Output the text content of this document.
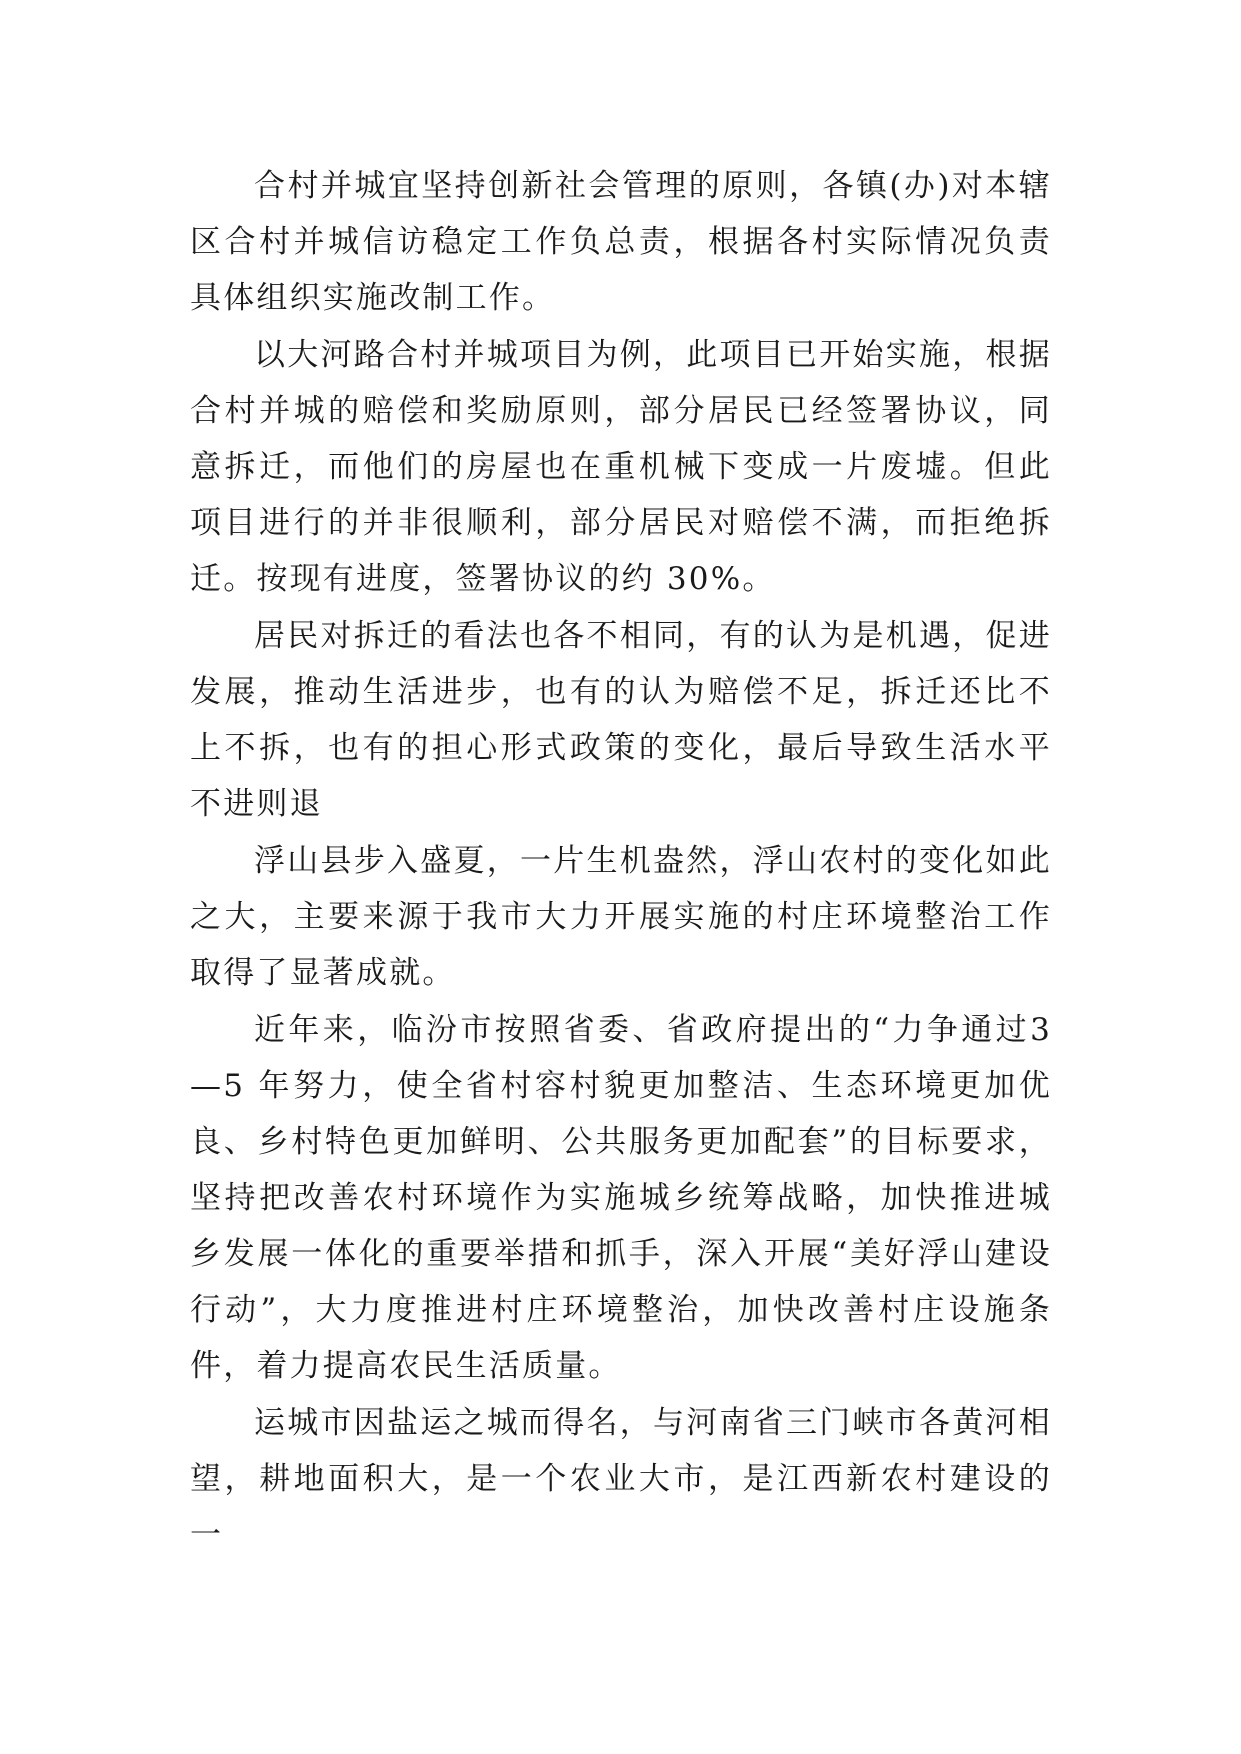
合村并城宜坚持创新社会管理的原则，各镇(办)对本辖区合村并城信访稳定工作负总责，根据各村实际情况负责具体组织实施改制工作。

以大河路合村并城项目为例，此项目已开始实施，根据合村并城的赔偿和奖励原则，部分居民已经签署协议，同意拆迁，而他们的房屋也在重机械下变成一片废墟。但此项目进行的并非很顺利，部分居民对赔偿不满，而拒绝拆迁。按现有进度，签署协议的约 30%。

居民对拆迁的看法也各不相同，有的认为是机遇，促进发展，推动生活进步，也有的认为赔偿不足，拆迁还比不上不拆，也有的担心形式政策的变化，最后导致生活水平不进则退

浮山县步入盛夏，一片生机盎然，浮山农村的变化如此之大，主要来源于我市大力开展实施的村庄环境整治工作取得了显著成就。

近年来，临汾市按照省委、省政府提出的“力争通过3—5 年努力，使全省村容村貌更加整洁、生态环境更加优良、乡村特色更加鲜明、公共服务更加配套”的目标要求，坚持把改善农村环境作为实施城乡统筹战略，加快推进城乡发展一体化的重要举措和抓手，深入开展“美好浮山建设行动”，大力度推进村庄环境整治，加快改善村庄设施条件，着力提高农民生活质量。

运城市因盐运之城而得名，与河南省三门峡市各黄河相望，耕地面积大，是一个农业大市，是江西新农村建设的一
